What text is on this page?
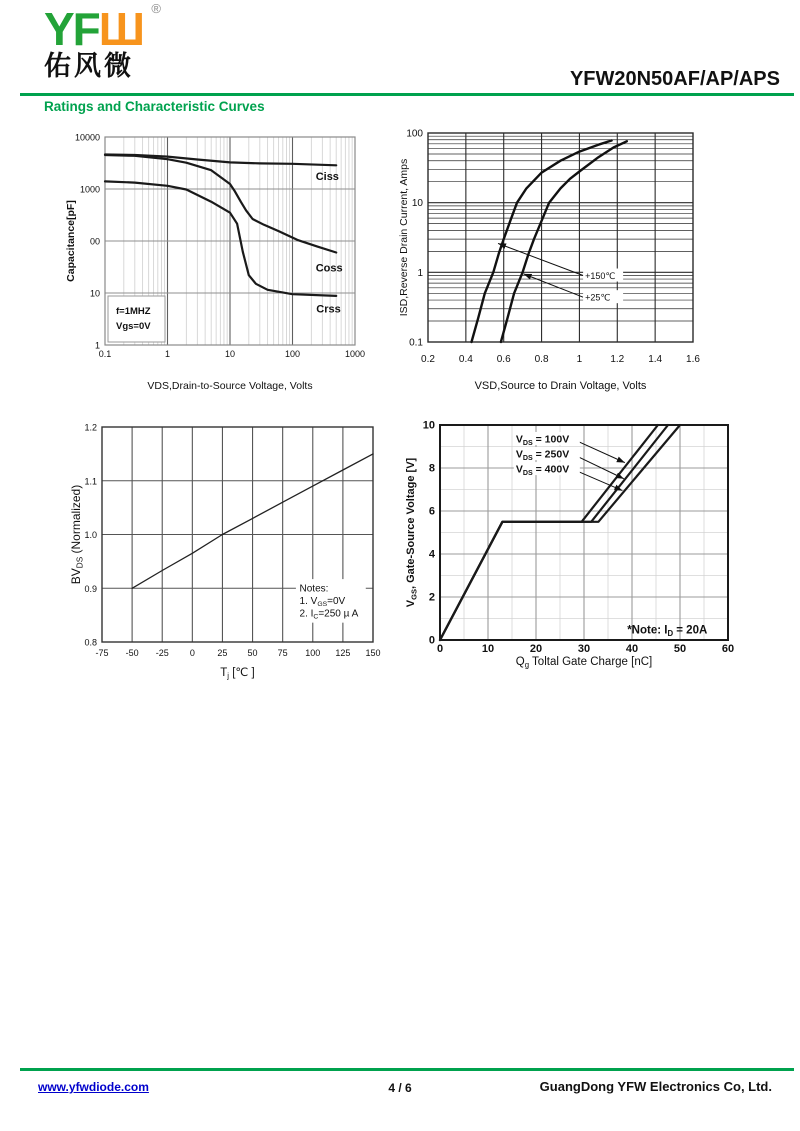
YFШ ®
佑风微	YFW20N50AF/AP/APS
Ratings and Characteristic Curves
f=1MHZ
Vgs=0V
Ciss
Coss
Crss
0.1	1	10	100	1000
1
10
00
1000
10000
Capacitance[pF]
VDS,Drain-to-Source Voltage, Volts
+150℃
+25℃
0.2 0.4 0.6 0.8	1	1.2 1.4 1.6
0.1
1
10
100
ISD,Reverse Drain Current, Amps
VSD,Source to Drain Voltage, Volts
Notes:
1. $V_{GS}=0V$
2. $I_C=250$ µ A
-75 -50 -25 0	25 50 75 100 125 150
0.8
0.9
1.0
1.1
1.2
$BV_{DS}$ (Normalized)
$T_j$ [℃ ]
$V_{DS} = 100V$
$V_{DS} = 250V$
$V_{DS} = 400V$
*Note: $I_D = 20A$
0	10	20	30	40	50	60
0
2
4
6
8
10
$V_{GS}$, Gate-Source Voltage [V]
$Q_g$ Toltal Gate Charge [nC]
www.yfwdiode.com	4 / 6	GuangDong YFW Electronics Co, Ltd.
